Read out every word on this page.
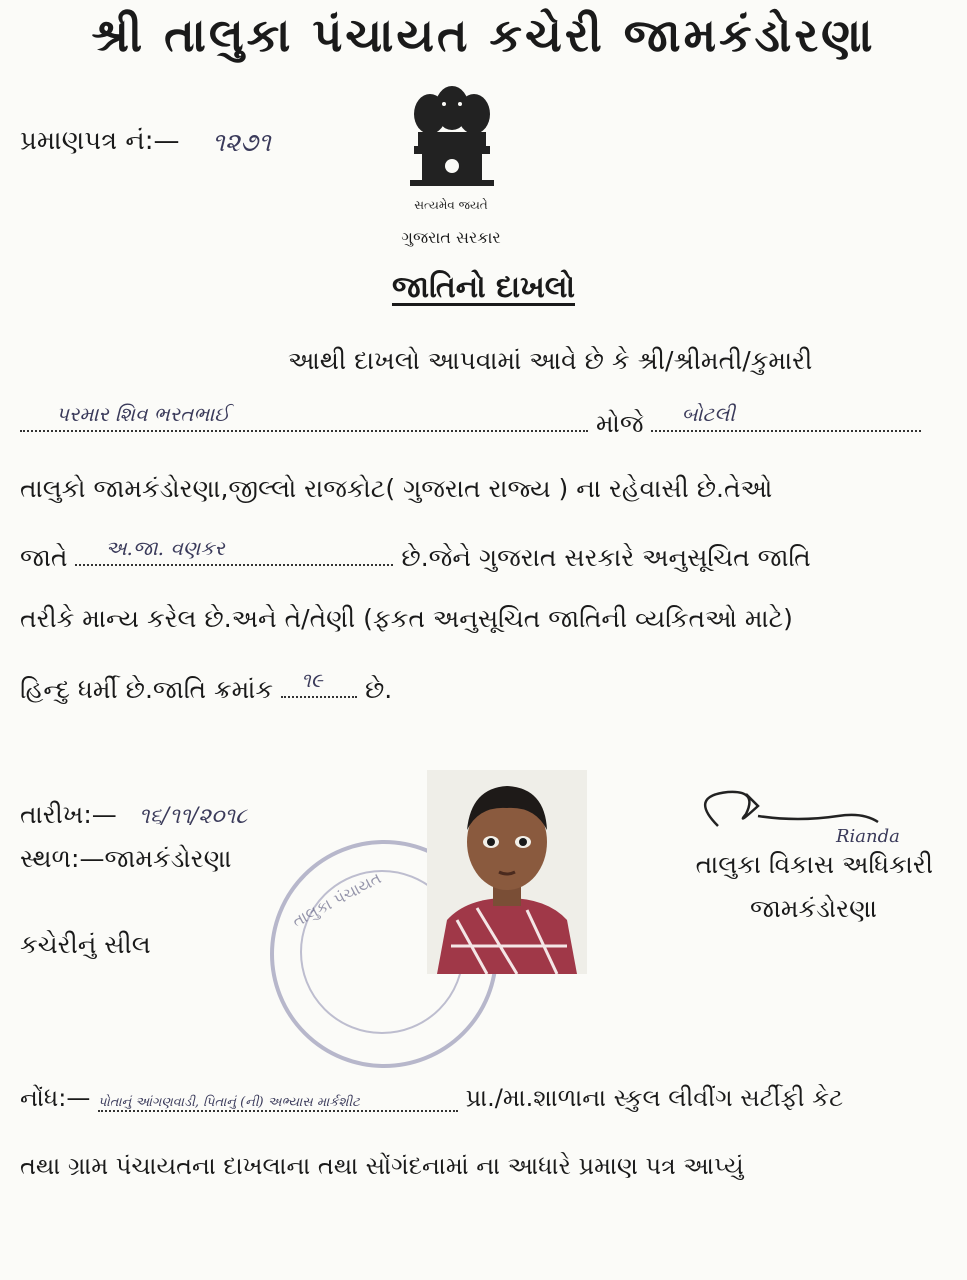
શ્રી તાલુકા પંચાયત કચેરી જામકંડોરણા
પ્રમાણપત્ર નં:— ૧૨૭૧
સત્યમેવ જયતે
ગુજરાત સરકાર
જાતિનો દાખલો
આથી દાખલો આપવામાં આવે છે કે શ્રી/શ્રીમતી/કુમારી
પરમાર શિવ ભરતભાઈ	મોજે બોટલી
તાલુકો જામકંડોરણા,જીલ્લો રાજકોટ( ગુજરાત રાજ્ય ) ના રહેવાસી છે.તેઓ
જાતે અ.જા. વણકર	છે.જેને ગુજરાત સરકારે અનુસૂચિત જાતિ
તરીકે માન્ય કરેલ છે.અને તે/તેણી (ફકત અનુસૂચિત જાતિની વ્યકિતઓ માટે)
હિન્દુ ધર્મી છે.જાતિ ક્રમાંક ૧૯ છે.
તારીખ:— ૧૬/૧૧/૨૦૧૮
સ્થળ:—જામકંડોરણા
કચેરીનું સીલ
તાલુકા પંચાયત
Rianda
તાલુકા વિકાસ અધિકારી
જામકંડોરણા
નોંધ:— પોતાનું આંગણવાડી, પિતાનું (ની) અભ્યાસ માર્કશીટ	પ્રા./મા.શાળાના સ્કુલ લીવીંગ સર્ટીફી કેટ
તથા ગ્રામ પંચાયતના દાખલાના તથા સોંગંદનામાં ના આધારે પ્રમાણ પત્ર આપ્યું
